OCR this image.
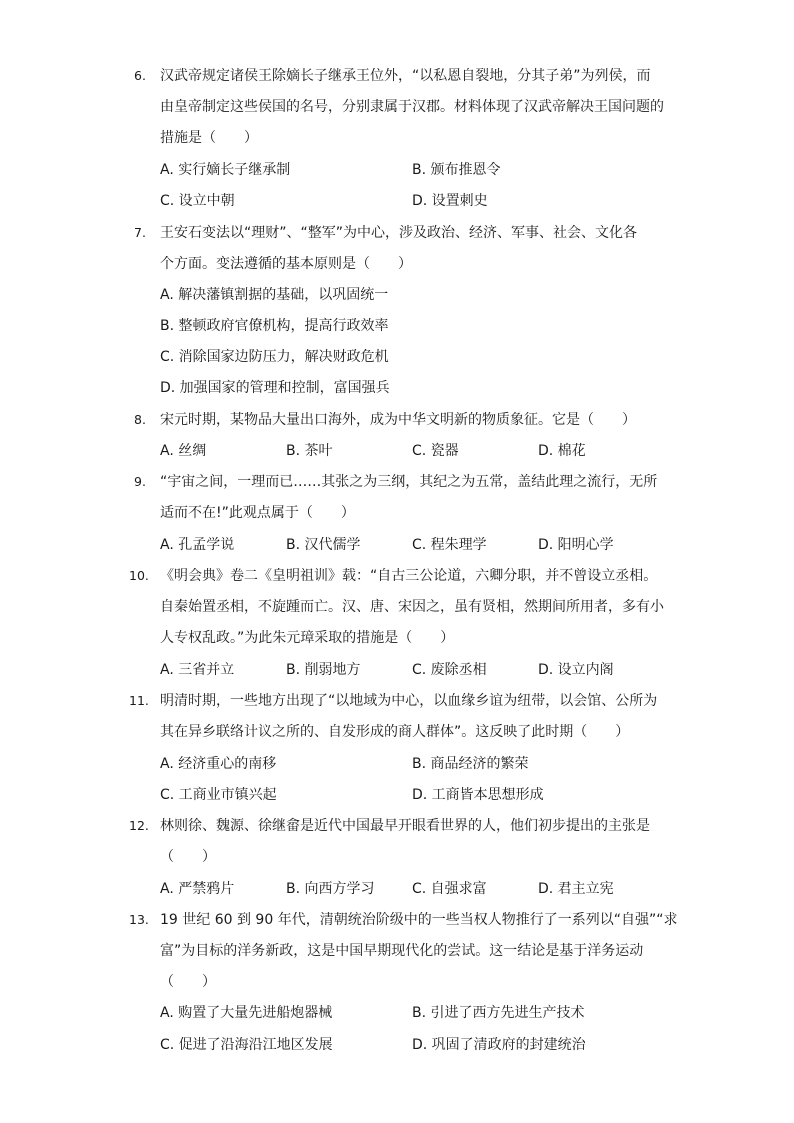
6. 汉武帝规定诸侯王除嫡长子继承王位外，“以私恩自裂地，分其子弟”为列侯，而
由皇帝制定这些侯国的名号，分别隶属于汉郡。材料体现了汉武帝解决王国问题的
措施是（　　）
A. 实行嫡长子继承制	B. 颁布推恩令
C. 设立中朝	D. 设置刺史
7. 王安石变法以“理财”、“整军”为中心，涉及政治、经济、军事、社会、文化各
个方面。变法遵循的基本原则是（　　）
A. 解决藩镇割据的基础，以巩固统一
B. 整顿政府官僚机构，提高行政效率
C. 消除国家边防压力，解决财政危机
D. 加强国家的管理和控制，富国强兵
8. 宋元时期，某物品大量出口海外，成为中华文明新的物质象征。它是（　　）
A. 丝绸	B. 茶叶	C. 瓷器	D. 棉花
9. “宇宙之间，一理而已……其张之为三纲，其纪之为五常，盖结此理之流行，无所
适而不在!”此观点属于（　　）
A. 孔孟学说	B. 汉代儒学	C. 程朱理学	D. 阳明心学
10. 《明会典》卷二《皇明祖训》载：“自古三公论道，六卿分职，并不曾设立丞相。
自秦始置丞相，不旋踵而亡。汉、唐、宋因之，虽有贤相，然期间所用者，多有小
人专权乱政。”为此朱元璋采取的措施是（　　）
A. 三省并立	B. 削弱地方	C. 废除丞相	D. 设立内阁
11. 明清时期，一些地方出现了“以地域为中心，以血缘乡谊为纽带，以会馆、公所为
其在异乡联络计议之所的、自发形成的商人群体”。这反映了此时期（　　）
A. 经济重心的南移	B. 商品经济的繁荣
C. 工商业市镇兴起	D. 工商皆本思想形成
12. 林则徐、魏源、徐继畲是近代中国最早开眼看世界的人，他们初步提出的主张是
（　　）
A. 严禁鸦片	B. 向西方学习	C. 自强求富	D. 君主立宪
13. 19 世纪 60 到 90 年代，清朝统治阶级中的一些当权人物推行了一系列以“自强”“求
富”为目标的洋务新政，这是中国早期现代化的尝试。这一结论是基于洋务运动
（　　）
A. 购置了大量先进船炮器械	B. 引进了西方先进生产技术
C. 促进了沿海沿江地区发展	D. 巩固了清政府的封建统治
